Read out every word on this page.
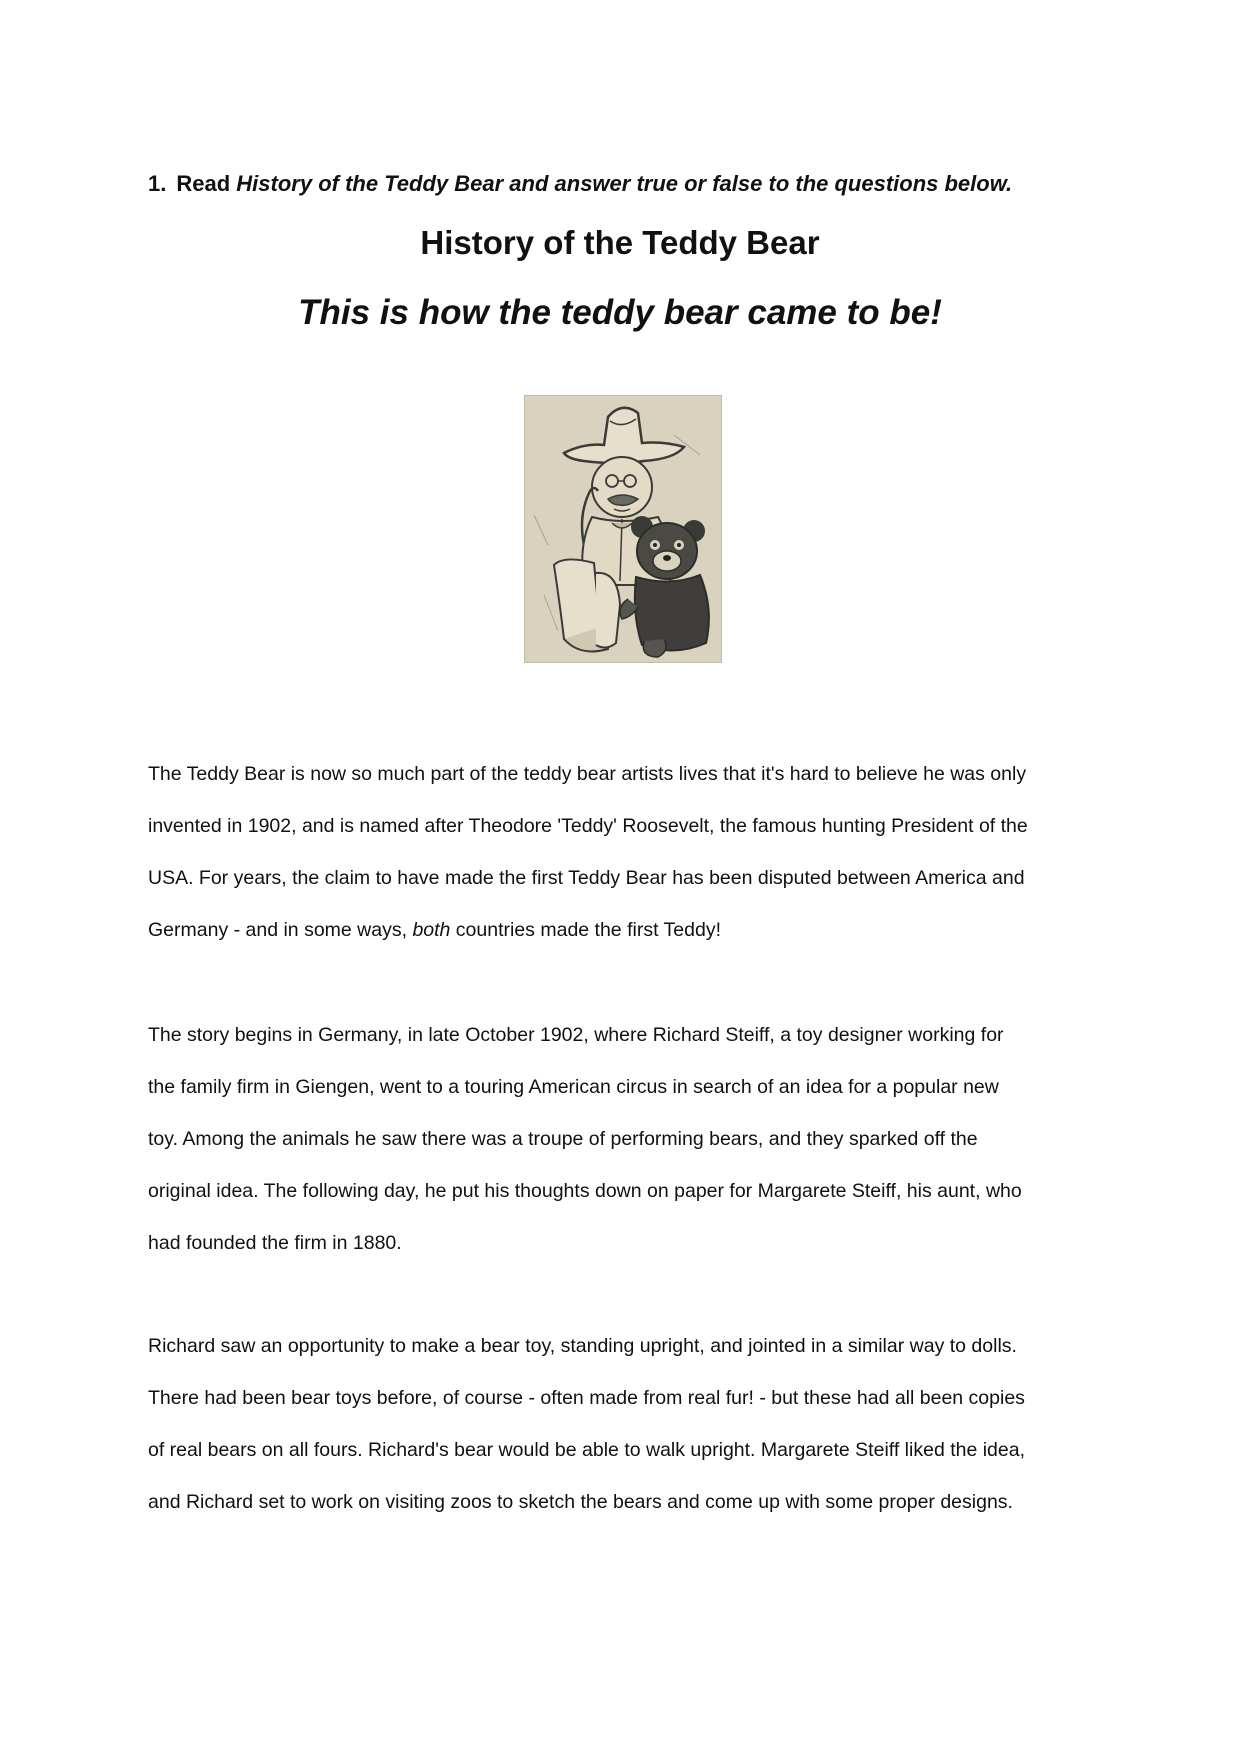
1. Read History of the Teddy Bear and answer true or false to the questions below.
History of the Teddy Bear
This is how the teddy bear came to be!
The Teddy Bear is now so much part of the teddy bear artists lives that it's hard to believe he was only
invented in 1902, and is named after Theodore 'Teddy' Roosevelt, the famous hunting President of the
USA. For years, the claim to have made the first Teddy Bear has been disputed between America and
Germany - and in some ways, both countries made the first Teddy!
The story begins in Germany, in late October 1902, where Richard Steiff, a toy designer working for
the family firm in Giengen, went to a touring American circus in search of an idea for a popular new
toy. Among the animals he saw there was a troupe of performing bears, and they sparked off the
original idea. The following day, he put his thoughts down on paper for Margarete Steiff, his aunt, who
had founded the firm in 1880.
Richard saw an opportunity to make a bear toy, standing upright, and jointed in a similar way to dolls.
There had been bear toys before, of course - often made from real fur! - but these had all been copies
of real bears on all fours. Richard's bear would be able to walk upright. Margarete Steiff liked the idea,
and Richard set to work on visiting zoos to sketch the bears and come up with some proper designs.
